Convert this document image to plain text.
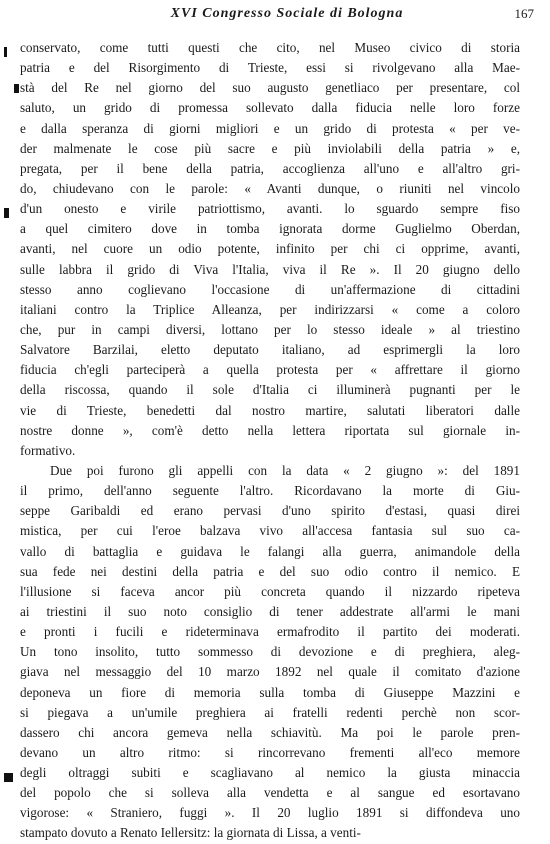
XVI Congresso Sociale di Bologna	167
conservato, come tutti questi che cito, nel Museo civico di storia
patria e del Risorgimento di Trieste, essi si rivolgevano alla Mae-
stà del Re nel giorno del suo augusto genetliaco per presentare, col
saluto, un grido di promessa sollevato dalla fiducia nelle loro forze
e dalla speranza di giorni migliori e un grido di protesta « per ve-
der malmenate le cose più sacre e più inviolabili della patria » e,
pregata, per il bene della patria, accoglienza all'uno e all'altro gri-
do, chiudevano con le parole: « Avanti dunque, o riuniti nel vincolo
d'un onesto e virile patriottismo, avanti. lo sguardo sempre fiso
a quel cimitero dove in tomba ignorata dorme Guglielmo Oberdan,
avanti, nel cuore un odio potente, infinito per chi ci opprime, avanti,
sulle labbra il grido di Viva l'Italia, viva il Re ». Il 20 giugno dello
stesso anno coglievano l'occasione di un'affermazione di cittadini
italiani contro la Triplice Alleanza, per indirizzarsi « come a coloro
che, pur in campi diversi, lottano per lo stesso ideale » al triestino
Salvatore Barzilai, eletto deputato italiano, ad esprimergli la loro
fiducia ch'egli parteciperà a quella protesta per « affrettare il giorno
della riscossa, quando il sole d'Italia ci illuminerà pugnanti per le
vie di Trieste, benedetti dal nostro martire, salutati liberatori dalle
nostre donne », com'è detto nella lettera riportata sul giornale in-
formativo.
Due poi furono gli appelli con la data « 2 giugno »: del 1891
il primo, dell'anno seguente l'altro. Ricordavano la morte di Giu-
seppe Garibaldi ed erano pervasi d'uno spirito d'estasi, quasi direi
mistica, per cui l'eroe balzava vivo all'accesa fantasia sul suo ca-
vallo di battaglia e guidava le falangi alla guerra, animandole della
sua fede nei destini della patria e del suo odio contro il nemico. E
l'illusione si faceva ancor più concreta quando il nizzardo ripeteva
ai triestini il suo noto consiglio di tener addestrate all'armi le mani
e pronti i fucili e rideterminava ermafrodito il partito dei moderati.
Un tono insolito, tutto sommesso di devozione e di preghiera, aleg-
giava nel messaggio del 10 marzo 1892 nel quale il comitato d'azione
deponeva un fiore di memoria sulla tomba di Giuseppe Mazzini e
si piegava a un'umile preghiera ai fratelli redenti perchè non scor-
dassero chi ancora gemeva nella schiavitù. Ma poi le parole pren-
devano un altro ritmo: si rincorrevano frementi all'eco memore
degli oltraggi subiti e scagliavano al nemico la giusta minaccia
del popolo che si solleva alla vendetta e al sangue ed esortavano
vigorose: « Straniero, fuggi ». Il 20 luglio 1891 si diffondeva uno
stampato dovuto a Renato Iellersitz: la giornata di Lissa, a venti-
